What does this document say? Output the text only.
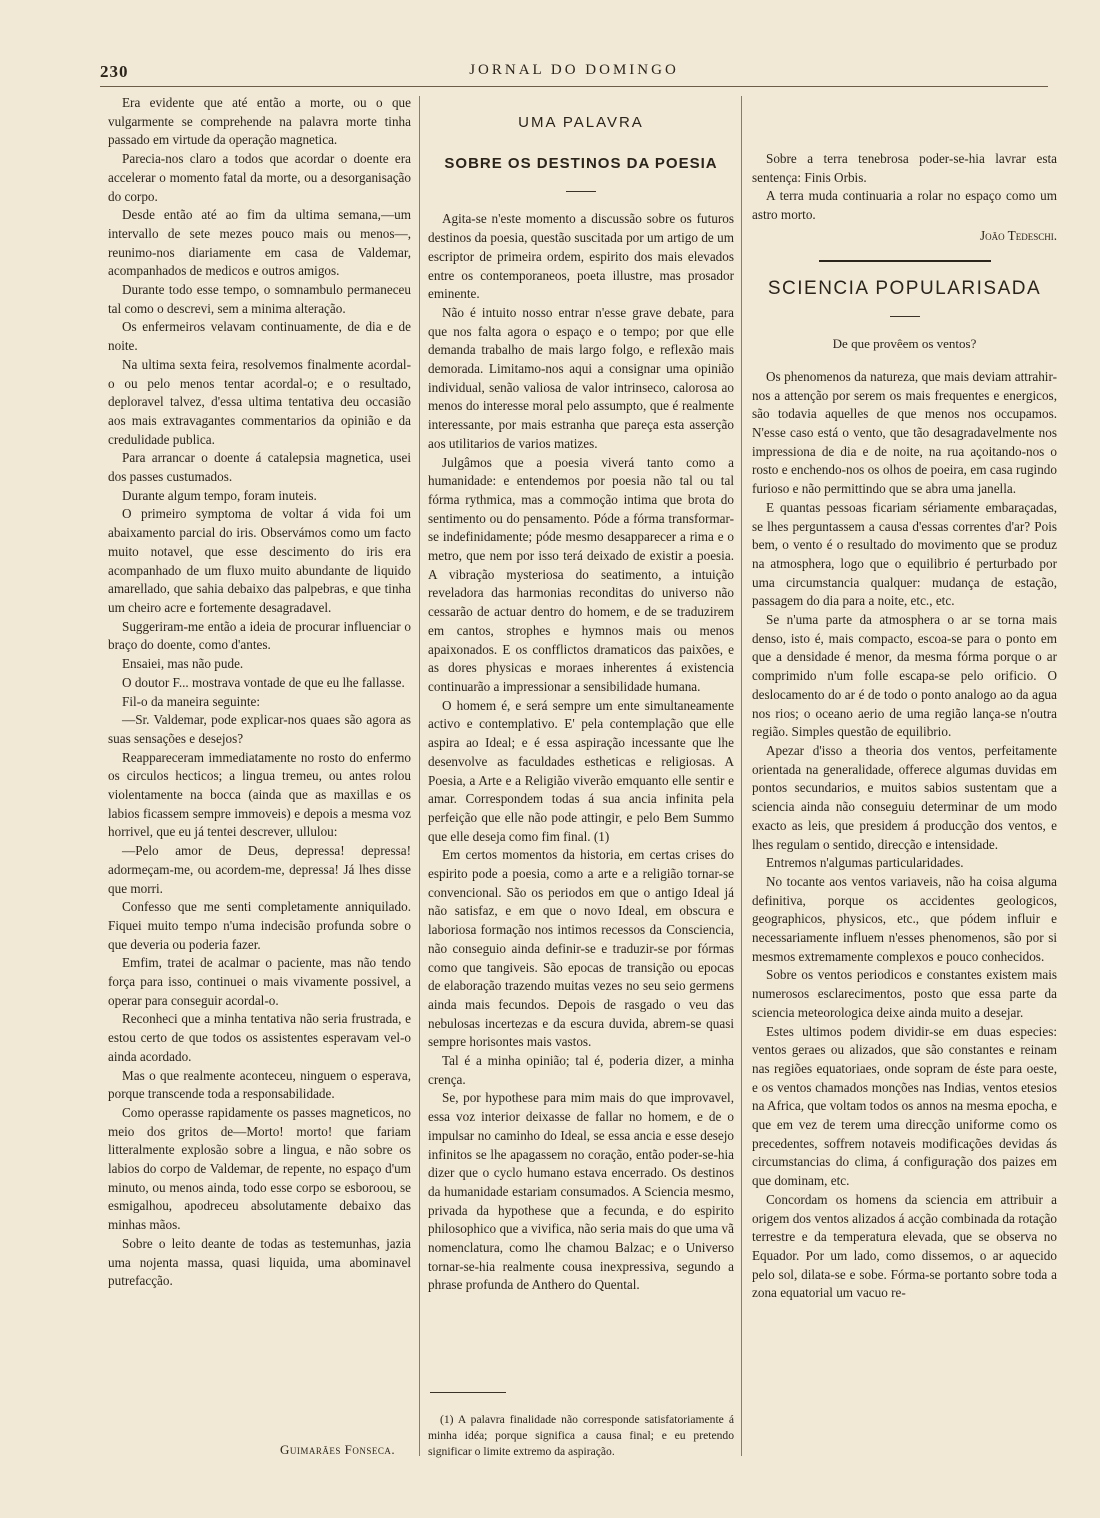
230	JORNAL DO DOMINGO

Era evidente que até então a morte, ou o que vulgarmente se comprehende na palavra morte tinha passado em virtude da operação magnetica.

Parecia-nos claro a todos que acordar o doente era accelerar o momento fatal da morte, ou a desorganisação do corpo.

Desde então até ao fim da ultima semana,—um intervallo de sete mezes pouco mais ou menos—, reunimo-nos diariamente em casa de Valdemar, acompanhados de medicos e outros amigos.

Durante todo esse tempo, o somnambulo permaneceu tal como o descrevi, sem a minima alteração.

Os enfermeiros velavam continuamente, de dia e de noite.

Na ultima sexta feira, resolvemos finalmente acordal-o ou pelo menos tentar acordal-o; e o resultado, deploravel talvez, d'essa ultima tentativa deu occasião aos mais extravagantes commentarios da opinião e da credulidade publica.

Para arrancar o doente á catalepsia magnetica, usei dos passes custumados.

Durante algum tempo, foram inuteis.

O primeiro symptoma de voltar á vida foi um abaixamento parcial do iris. Observámos como um facto muito notavel, que esse descimento do iris era acompanhado de um fluxo muito abundante de liquido amarellado, que sahia debaixo das palpebras, e que tinha um cheiro acre e fortemente desagradavel.

Suggeriram-me então a ideia de procurar influenciar o braço do doente, como d'antes.

Ensaiei, mas não pude.

O doutor F... mostrava vontade de que eu lhe fallasse.

Fil-o da maneira seguinte:

—Sr. Valdemar, pode explicar-nos quaes são agora as suas sensações e desejos?

Reappareceram immediatamente no rosto do enfermo os circulos hecticos; a lingua tremeu, ou antes rolou violentamente na bocca (ainda que as maxillas e os labios ficassem sempre immoveis) e depois a mesma voz horrivel, que eu já tentei descrever, ullulou:

—Pelo amor de Deus, depressa! depressa! adormeçam-me, ou acordem-me, depressa! Já lhes disse que morri.

Confesso que me senti completamente anniquilado. Fiquei muito tempo n'uma indecisão profunda sobre o que deveria ou poderia fazer.

Emfim, tratei de acalmar o paciente, mas não tendo força para isso, continuei o mais vivamente possivel, a operar para conseguir acordal-o.

Reconheci que a minha tentativa não seria frustrada, e estou certo de que todos os assistentes esperavam vel-o ainda acordado.

Mas o que realmente aconteceu, ninguem o esperava, porque transcende toda a responsabilidade.

Como operasse rapidamente os passes magneticos, no meio dos gritos de—Morto! morto! que fariam litteralmente explosão sobre a lingua, e não sobre os labios do corpo de Valdemar, de repente, no espaço d'um minuto, ou menos ainda, todo esse corpo se esboroou, se esmigalhou, apodreceu absolutamente debaixo das minhas mãos.

Sobre o leito deante de todas as testemunhas, jazia uma nojenta massa, quasi liquida, uma abominavel putrefacção.

Guimarães Fonseca.
UMA PALAVRA
SOBRE OS DESTINOS DA POESIA

Agita-se n'este momento a discussão sobre os futuros destinos da poesia, questão suscitada por um artigo de um escriptor de primeira ordem, espirito dos mais elevados entre os contemporaneos, poeta illustre, mas prosador eminente.

Não é intuito nosso entrar n'esse grave debate, para que nos falta agora o espaço e o tempo; por que elle demanda trabalho de mais largo folgo, e reflexão mais demorada. Limitamo-nos aqui a consignar uma opinião individual, senão valiosa de valor intrinseco, calorosa ao menos do interesse moral pelo assumpto, que é realmente interessante, por mais estranha que pareça esta asserção aos utilitarios de varios matizes.

Julgâmos que a poesia viverá tanto como a humanidade: e entendemos por poesia não tal ou tal fórma rythmica, mas a commoção intima que brota do sentimento ou do pensamento. Póde a fórma transformar-se indefinidamente; póde mesmo desapparecer a rima e o metro, que nem por isso terá deixado de existir a poesia. A vibração mysteriosa do seatimento, a intuição reveladora das harmonias reconditas do universo não cessarão de actuar dentro do homem, e de se traduzirem em cantos, strophes e hymnos mais ou menos apaixonados. E os confflictos dramaticos das paixões, e as dores physicas e moraes inherentes á existencia continuarão a impressionar a sensibilidade humana.

O homem é, e será sempre um ente simultaneamente activo e contemplativo. E' pela contemplação que elle aspira ao Ideal; e é essa aspiração incessante que lhe desenvolve as faculdades estheticas e religiosas. A Poesia, a Arte e a Religião viverão emquanto elle sentir e amar. Correspondem todas á sua ancia infinita pela perfeição que elle não pode attingir, e pelo Bem Summo que elle deseja como fim final. (1)

Em certos momentos da historia, em certas crises do espirito pode a poesia, como a arte e a religião tornar-se convencional. São os periodos em que o antigo Ideal já não satisfaz, e em que o novo Ideal, em obscura e laboriosa formação nos intimos recessos da Consciencia, não conseguio ainda definir-se e traduzir-se por fórmas como que tangiveis. São epocas de transição ou epocas de elaboração trazendo muitas vezes no seu seio germens ainda mais fecundos. Depois de rasgado o veu das nebulosas incertezas e da escura duvida, abrem-se quasi sempre horisontes mais vastos.

Tal é a minha opinião; tal é, poderia dizer, a minha crença.

Se, por hypothese para mim mais do que improvavel, essa voz interior deixasse de fallar no homem, e de o impulsar no caminho do Ideal, se essa ancia e esse desejo infinitos se lhe apagassem no coração, então poder-se-hia dizer que o cyclo humano estava encerrado. Os destinos da humanidade estariam consumados. A Sciencia mesmo, privada da hypothese que a fecunda, e do espirito philosophico que a vivifica, não seria mais do que uma vã nomenclatura, como lhe chamou Balzac; e o Universo tornar-se-hia realmente cousa inexpressiva, segundo a phrase profunda de Anthero do Quental.

(1) A palavra finalidade não corresponde satisfatoriamente á minha idéa; porque significa a causa final; e eu pretendo significar o limite extremo da aspiração.

Sobre a terra tenebrosa poder-se-hia lavrar esta sentença: Finis Orbis.

A terra muda continuaria a rolar no espaço como um astro morto.

João Tedeschi.
SCIENCIA POPULARISADA
De que provêem os ventos?

Os phenomenos da natureza, que mais deviam attrahir-nos a attenção por serem os mais frequentes e energicos, são todavia aquelles de que menos nos occupamos. N'esse caso está o vento, que tão desagradavelmente nos impressiona de dia e de noite, na rua açoitando-nos o rosto e enchendo-nos os olhos de poeira, em casa rugindo furioso e não permittindo que se abra uma janella.

E quantas pessoas ficariam sériamente embaraçadas, se lhes perguntassem a causa d'essas correntes d'ar? Pois bem, o vento é o resultado do movimento que se produz na atmosphera, logo que o equilibrio é perturbado por uma circumstancia qualquer: mudança de estação, passagem do dia para a noite, etc., etc.

Se n'uma parte da atmosphera o ar se torna mais denso, isto é, mais compacto, escoa-se para o ponto em que a densidade é menor, da mesma fórma porque o ar comprimido n'um folle escapa-se pelo orificio. O deslocamento do ar é de todo o ponto analogo ao da agua nos rios; o oceano aerio de uma região lança-se n'outra região. Simples questão de equilibrio.

Apezar d'isso a theoria dos ventos, perfeitamente orientada na generalidade, offerece algumas duvidas em pontos secundarios, e muitos sabios sustentam que a sciencia ainda não conseguiu determinar de um modo exacto as leis, que presidem á producção dos ventos, e lhes regulam o sentido, direcção e intensidade.

Entremos n'algumas particularidades.

No tocante aos ventos variaveis, não ha coisa alguma definitiva, porque os accidentes geologicos, geographicos, physicos, etc., que pódem influir e necessariamente influem n'esses phenomenos, são por si mesmos extremamente complexos e pouco conhecidos.

Sobre os ventos periodicos e constantes existem mais numerosos esclarecimentos, posto que essa parte da sciencia meteorologica deixe ainda muito a desejar.

Estes ultimos podem dividir-se em duas especies: ventos geraes ou alizados, que são constantes e reinam nas regiões equatoriaes, onde sopram de éste para oeste, e os ventos chamados monções nas Indias, ventos etesios na Africa, que voltam todos os annos na mesma epocha, e que em vez de terem uma direcção uniforme como os precedentes, soffrem notaveis modificações devidas ás circumstancias do clima, á configuração dos paizes em que dominam, etc.

Concordam os homens da sciencia em attribuir a origem dos ventos alizados á acção combinada da rotação terrestre e da temperatura elevada, que se observa no Equador. Por um lado, como dissemos, o ar aquecido pelo sol, dilata-se e sobe. Fórma-se portanto sobre toda a zona equatorial um vacuo re-
